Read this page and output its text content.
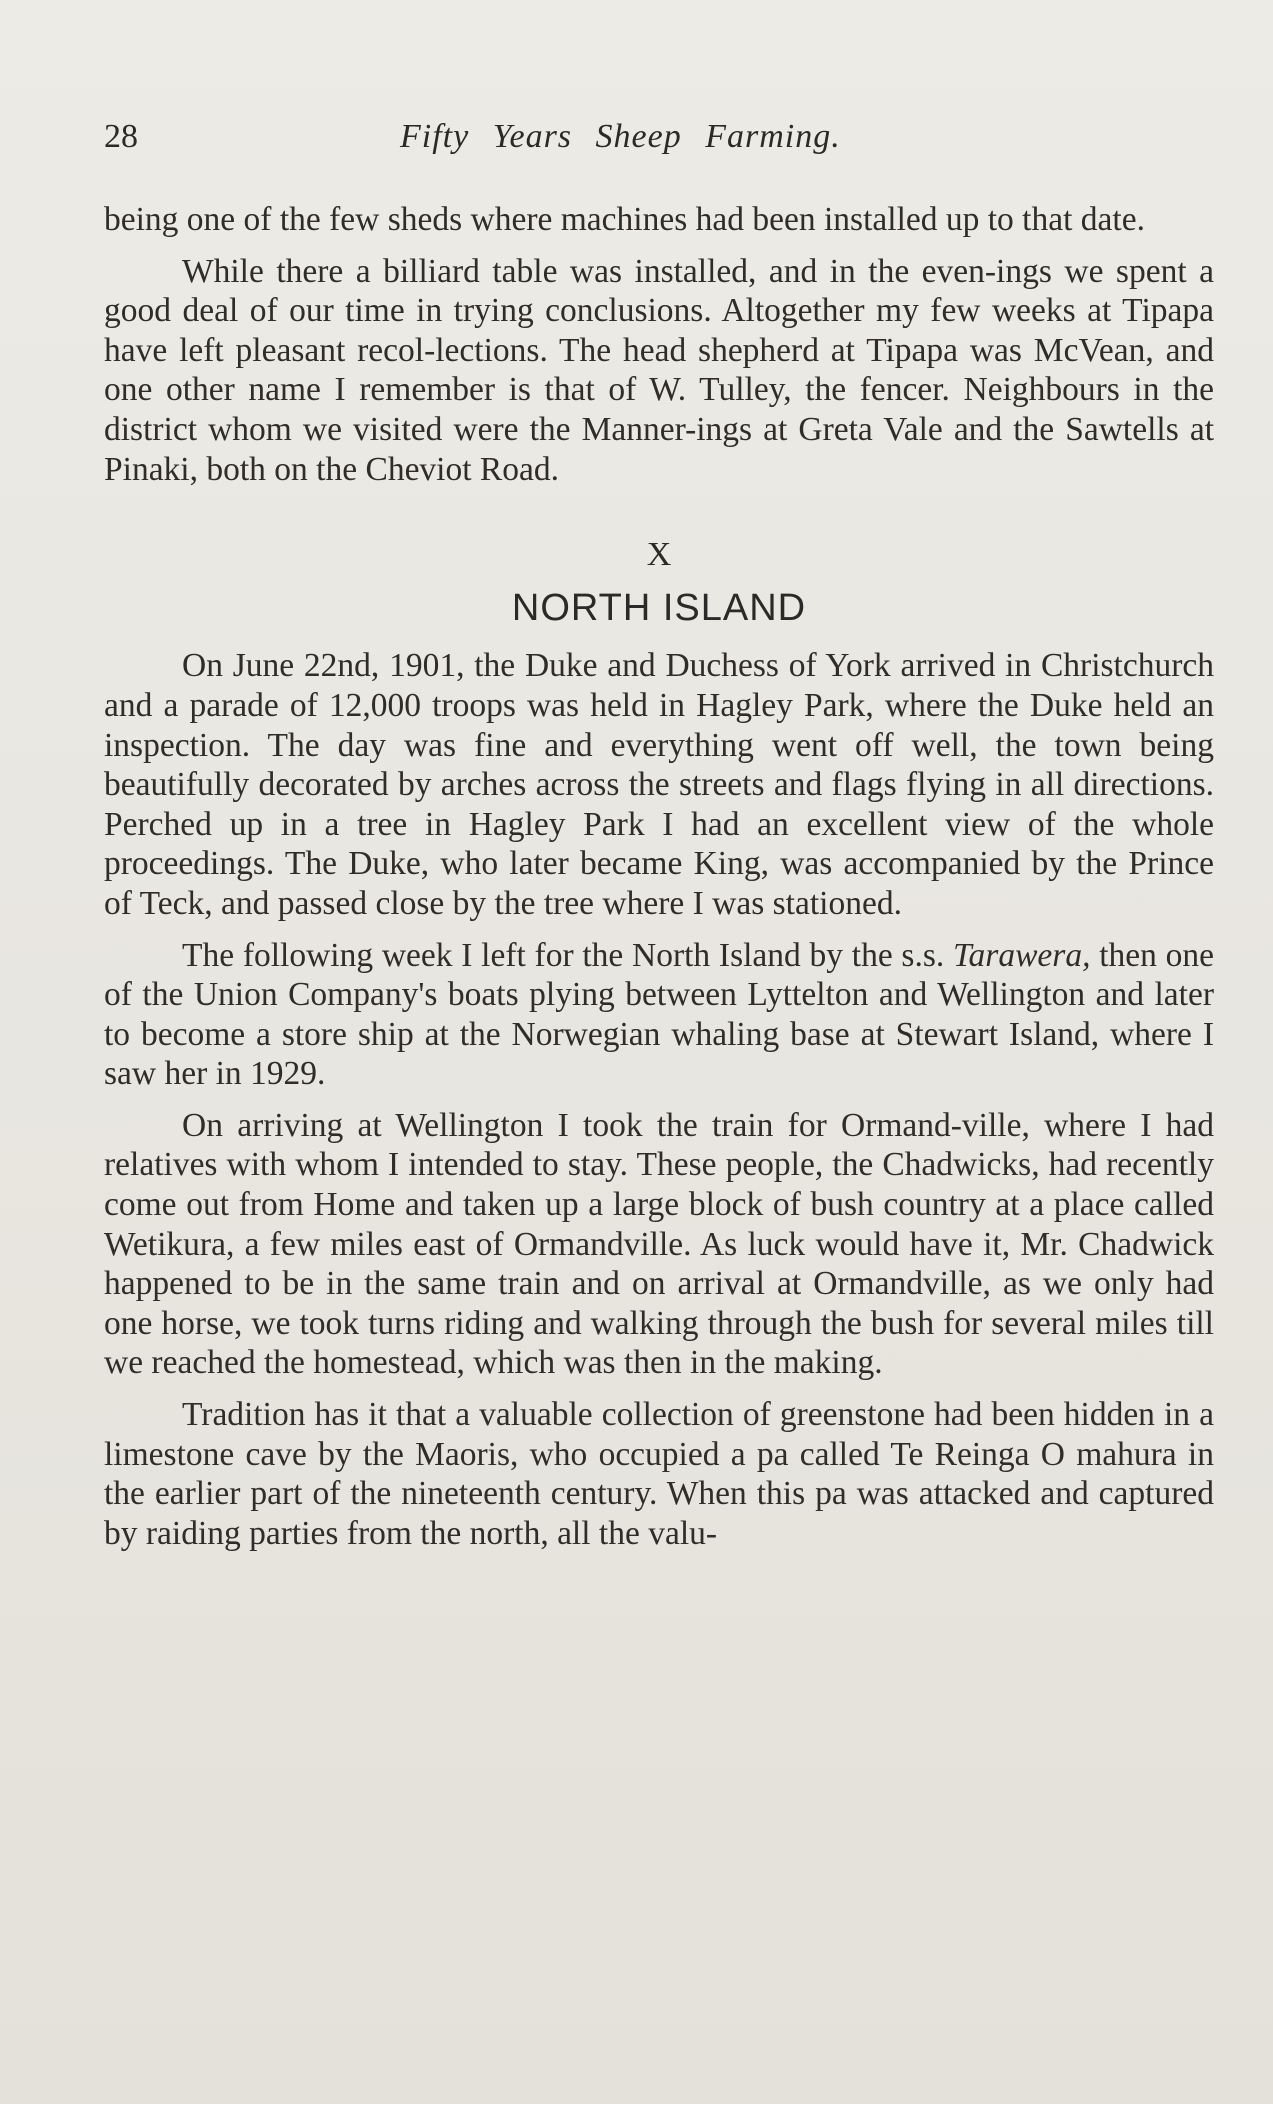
28	Fifty Years Sheep Farming.

being one of the few sheds where machines had been installed up to that date.

While there a billiard table was installed, and in the even-ings we spent a good deal of our time in trying conclusions. Altogether my few weeks at Tipapa have left pleasant recol-lections. The head shepherd at Tipapa was McVean, and one other name I remember is that of W. Tulley, the fencer. Neighbours in the district whom we visited were the Manner-ings at Greta Vale and the Sawtells at Pinaki, both on the Cheviot Road.

X
NORTH ISLAND

On June 22nd, 1901, the Duke and Duchess of York arrived in Christchurch and a parade of 12,000 troops was held in Hagley Park, where the Duke held an inspection. The day was fine and everything went off well, the town being beautifully decorated by arches across the streets and flags flying in all directions. Perched up in a tree in Hagley Park I had an excellent view of the whole proceedings. The Duke, who later became King, was accompanied by the Prince of Teck, and passed close by the tree where I was stationed.

The following week I left for the North Island by the s.s. Tarawera, then one of the Union Company's boats plying between Lyttelton and Wellington and later to become a store ship at the Norwegian whaling base at Stewart Island, where I saw her in 1929.

On arriving at Wellington I took the train for Ormand-ville, where I had relatives with whom I intended to stay. These people, the Chadwicks, had recently come out from Home and taken up a large block of bush country at a place called Wetikura, a few miles east of Ormandville. As luck would have it, Mr. Chadwick happened to be in the same train and on arrival at Ormandville, as we only had one horse, we took turns riding and walking through the bush for several miles till we reached the homestead, which was then in the making.

Tradition has it that a valuable collection of greenstone had been hidden in a limestone cave by the Maoris, who occupied a pa called Te Reinga O mahura in the earlier part of the nineteenth century. When this pa was attacked and captured by raiding parties from the north, all the valu-
